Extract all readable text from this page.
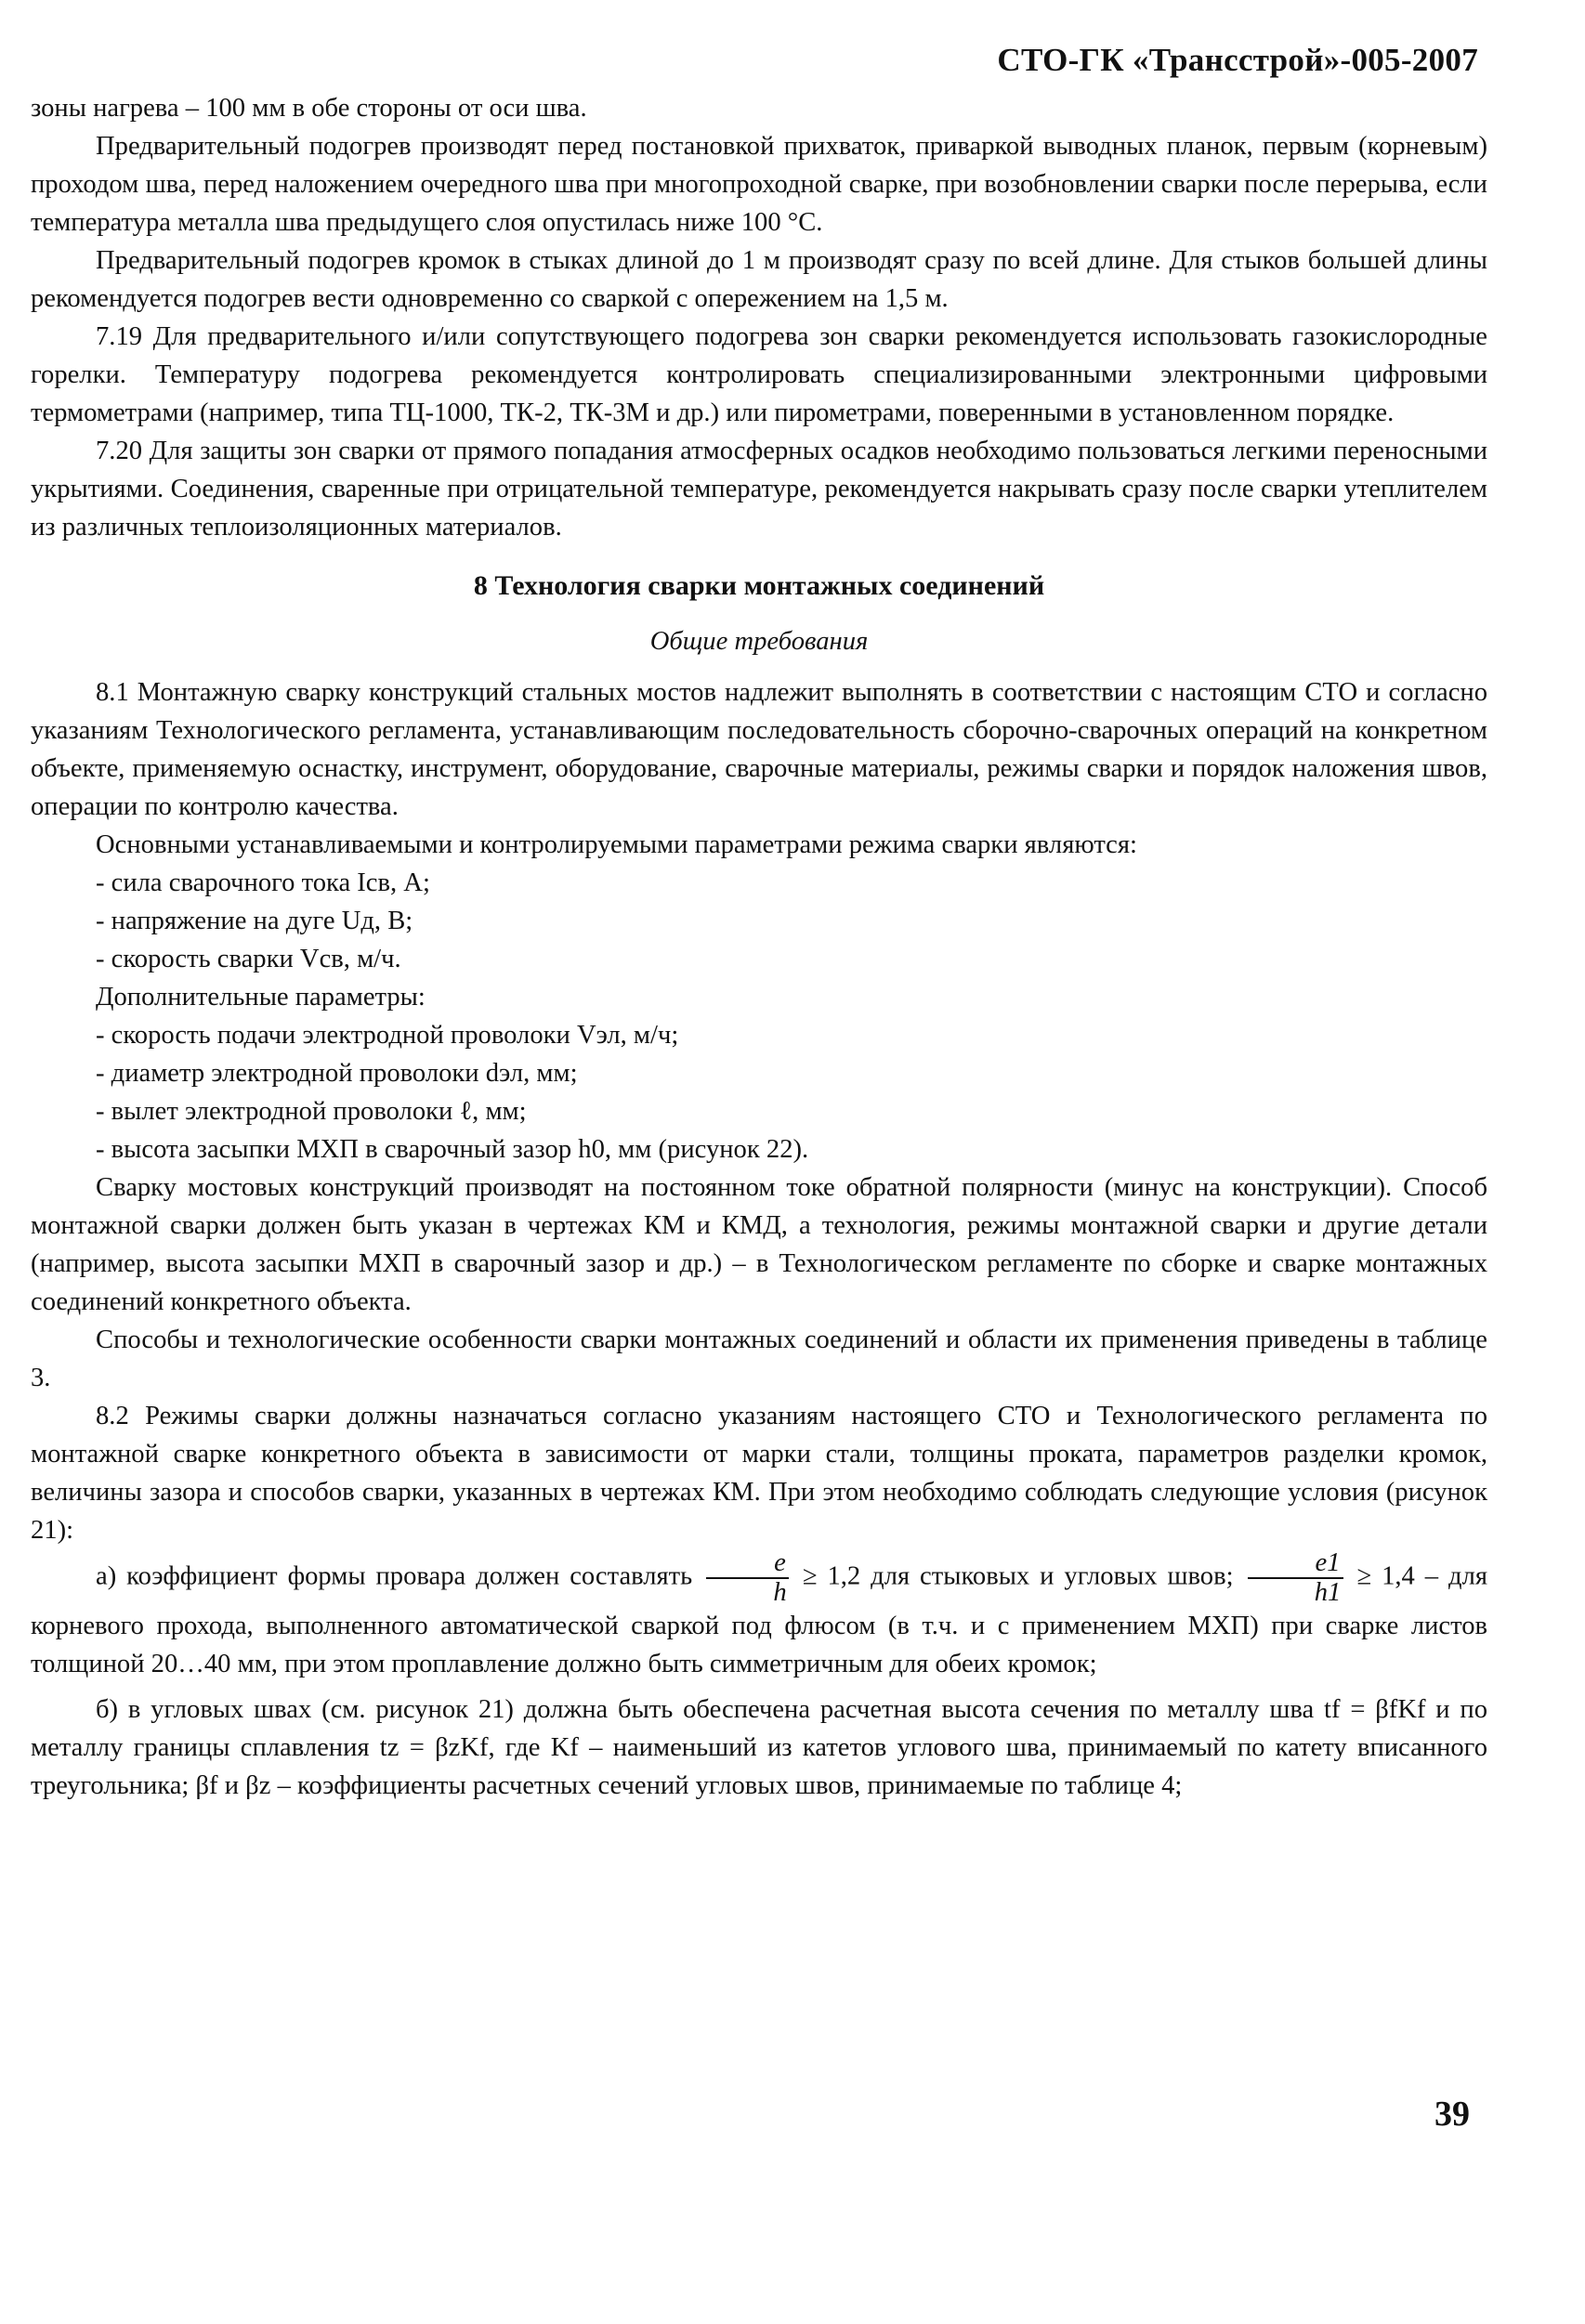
СТО-ГК «Трансстрой»-005-2007

зоны нагрева – 100 мм в обе стороны от оси шва.

Предварительный подогрев производят перед постановкой прихваток, приваркой выводных планок, первым (корневым) проходом шва, перед наложением очередного шва при многопроходной сварке, при возобновлении сварки после перерыва, если температура металла шва предыдущего слоя опустилась ниже 100 °С.

Предварительный подогрев кромок в стыках длиной до 1 м производят сразу по всей длине. Для стыков большей длины рекомендуется подогрев вести одновременно со сваркой с опережением на 1,5 м.

7.19 Для предварительного и/или сопутствующего подогрева зон сварки рекомендуется использовать газокислородные горелки. Температуру подогрева рекомендуется контролировать специализированными электронными цифровыми термометрами (например, типа ТЦ-1000, ТК-2, ТК-3М и др.) или пирометрами, поверенными в установленном порядке.

7.20 Для защиты зон сварки от прямого попадания атмосферных осадков необходимо пользоваться легкими переносными укрытиями. Соединения, сваренные при отрицательной температуре, рекомендуется накрывать сразу после сварки утеплителем из различных теплоизоляционных материалов.

8 Технология сварки монтажных соединений
Общие требования

8.1 Монтажную сварку конструкций стальных мостов надлежит выполнять в соответствии с настоящим СТО и согласно указаниям Технологического регламента, устанавливающим последовательность сборочно-сварочных операций на конкретном объекте, применяемую оснастку, инструмент, оборудование, сварочные материалы, режимы сварки и порядок наложения швов, операции по контролю качества.

Основными устанавливаемыми и контролируемыми параметрами режима сварки являются:

- сила сварочного тока Iсв, А;

- напряжение на дуге Uд, В;

- скорость сварки Vсв, м/ч.

Дополнительные параметры:

- скорость подачи электродной проволоки Vэл, м/ч;

- диаметр электродной проволоки dэл, мм;

- вылет электродной проволоки ℓ, мм;

- высота засыпки МХП в сварочный зазор h0, мм (рисунок 22).

Сварку мостовых конструкций производят на постоянном токе обратной полярности (минус на конструкции). Способ монтажной сварки должен быть указан в чертежах КМ и КМД, а технология, режимы монтажной сварки и другие детали (например, высота засыпки МХП в сварочный зазор и др.) – в Технологическом регламенте по сборке и сварке монтажных соединений конкретного объекта.

Способы и технологические особенности сварки монтажных соединений и области их применения приведены в таблице 3.

8.2 Режимы сварки должны назначаться согласно указаниям настоящего СТО и Технологического регламента по монтажной сварке конкретного объекта в зависимости от марки стали, толщины проката, параметров разделки кромок, величины зазора и способов сварки, указанных в чертежах КМ. При этом необходимо соблюдать следующие условия (рисунок 21):

а) коэффициент формы провара должен составлять $\frac{e}{h} \ge 1,2$ для стыковых и угловых швов; $\frac{e1}{h1} \ge 1,4$ – для корневого прохода, выполненного автоматической сваркой под флюсом (в т.ч. и с применением МХП) при сварке листов толщиной 20…40 мм, при этом проплавление должно быть симметричным для обеих кромок;

б) в угловых швах (см. рисунок 21) должна быть обеспечена расчетная высота сечения по металлу шва tf = βfKf и по металлу границы сплавления tz = βzKf, где Kf – наименьший из катетов углового шва, принимаемый по катету вписанного треугольника; βf и βz – коэффициенты расчетных сечений угловых швов, принимаемые по таблице 4;

39
